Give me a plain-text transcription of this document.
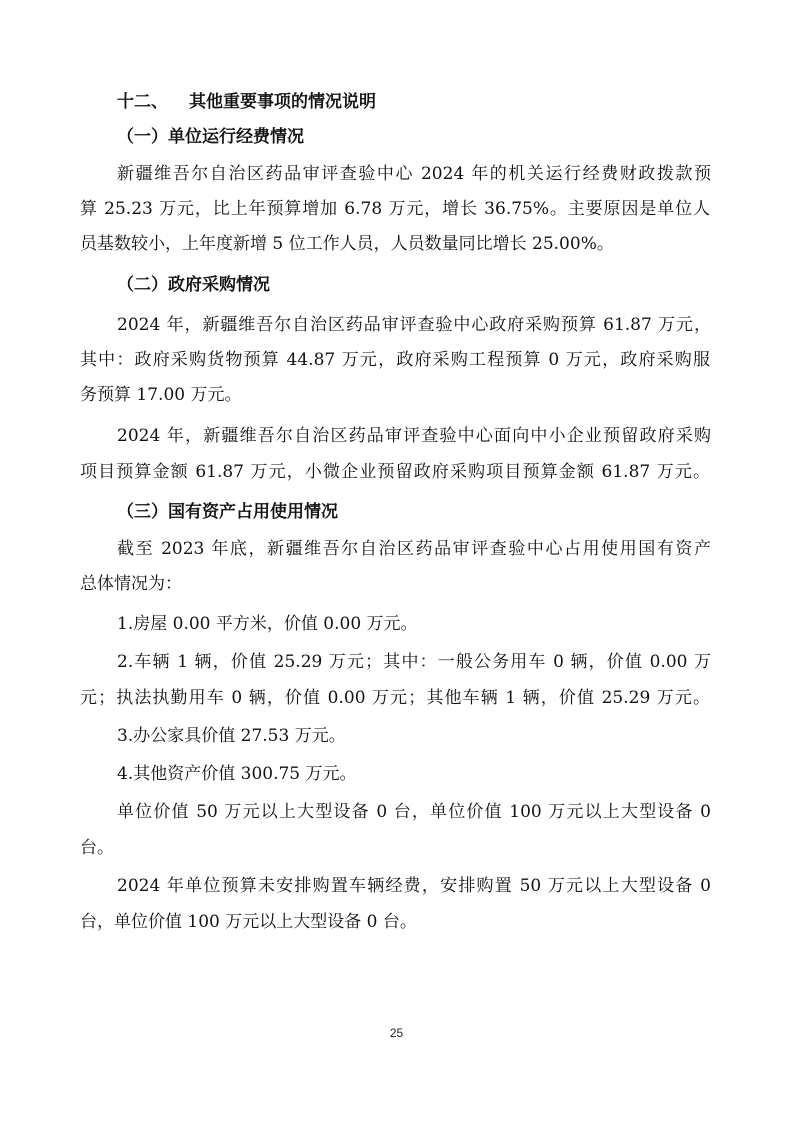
十二、 其他重要事项的情况说明
（一）单位运行经费情况
新疆维吾尔自治区药品审评查验中心 2024 年的机关运行经费财政拨款预
算 25.23 万元，比上年预算增加 6.78 万元，增长 36.75%。主要原因是单位人
员基数较小，上年度新增 5 位工作人员，人员数量同比增长 25.00%。
（二）政府采购情况
2024 年，新疆维吾尔自治区药品审评查验中心政府采购预算 61.87 万元，
其中：政府采购货物预算 44.87 万元，政府采购工程预算 0 万元，政府采购服
务预算 17.00 万元。
2024 年，新疆维吾尔自治区药品审评查验中心面向中小企业预留政府采购
项目预算金额 61.87 万元，小微企业预留政府采购项目预算金额 61.87 万元。
（三）国有资产占用使用情况
截至 2023 年底，新疆维吾尔自治区药品审评查验中心占用使用国有资产
总体情况为：
1.房屋 0.00 平方米，价值 0.00 万元。
2.车辆 1 辆，价值 25.29 万元；其中：一般公务用车 0 辆，价值 0.00 万
元；执法执勤用车 0 辆，价值 0.00 万元；其他车辆 1 辆，价值 25.29 万元。
3.办公家具价值 27.53 万元。
4.其他资产价值 300.75 万元。
单位价值 50 万元以上大型设备 0 台，单位价值 100 万元以上大型设备 0
台。
2024 年单位预算未安排购置车辆经费，安排购置 50 万元以上大型设备 0
台，单位价值 100 万元以上大型设备 0 台。
25
